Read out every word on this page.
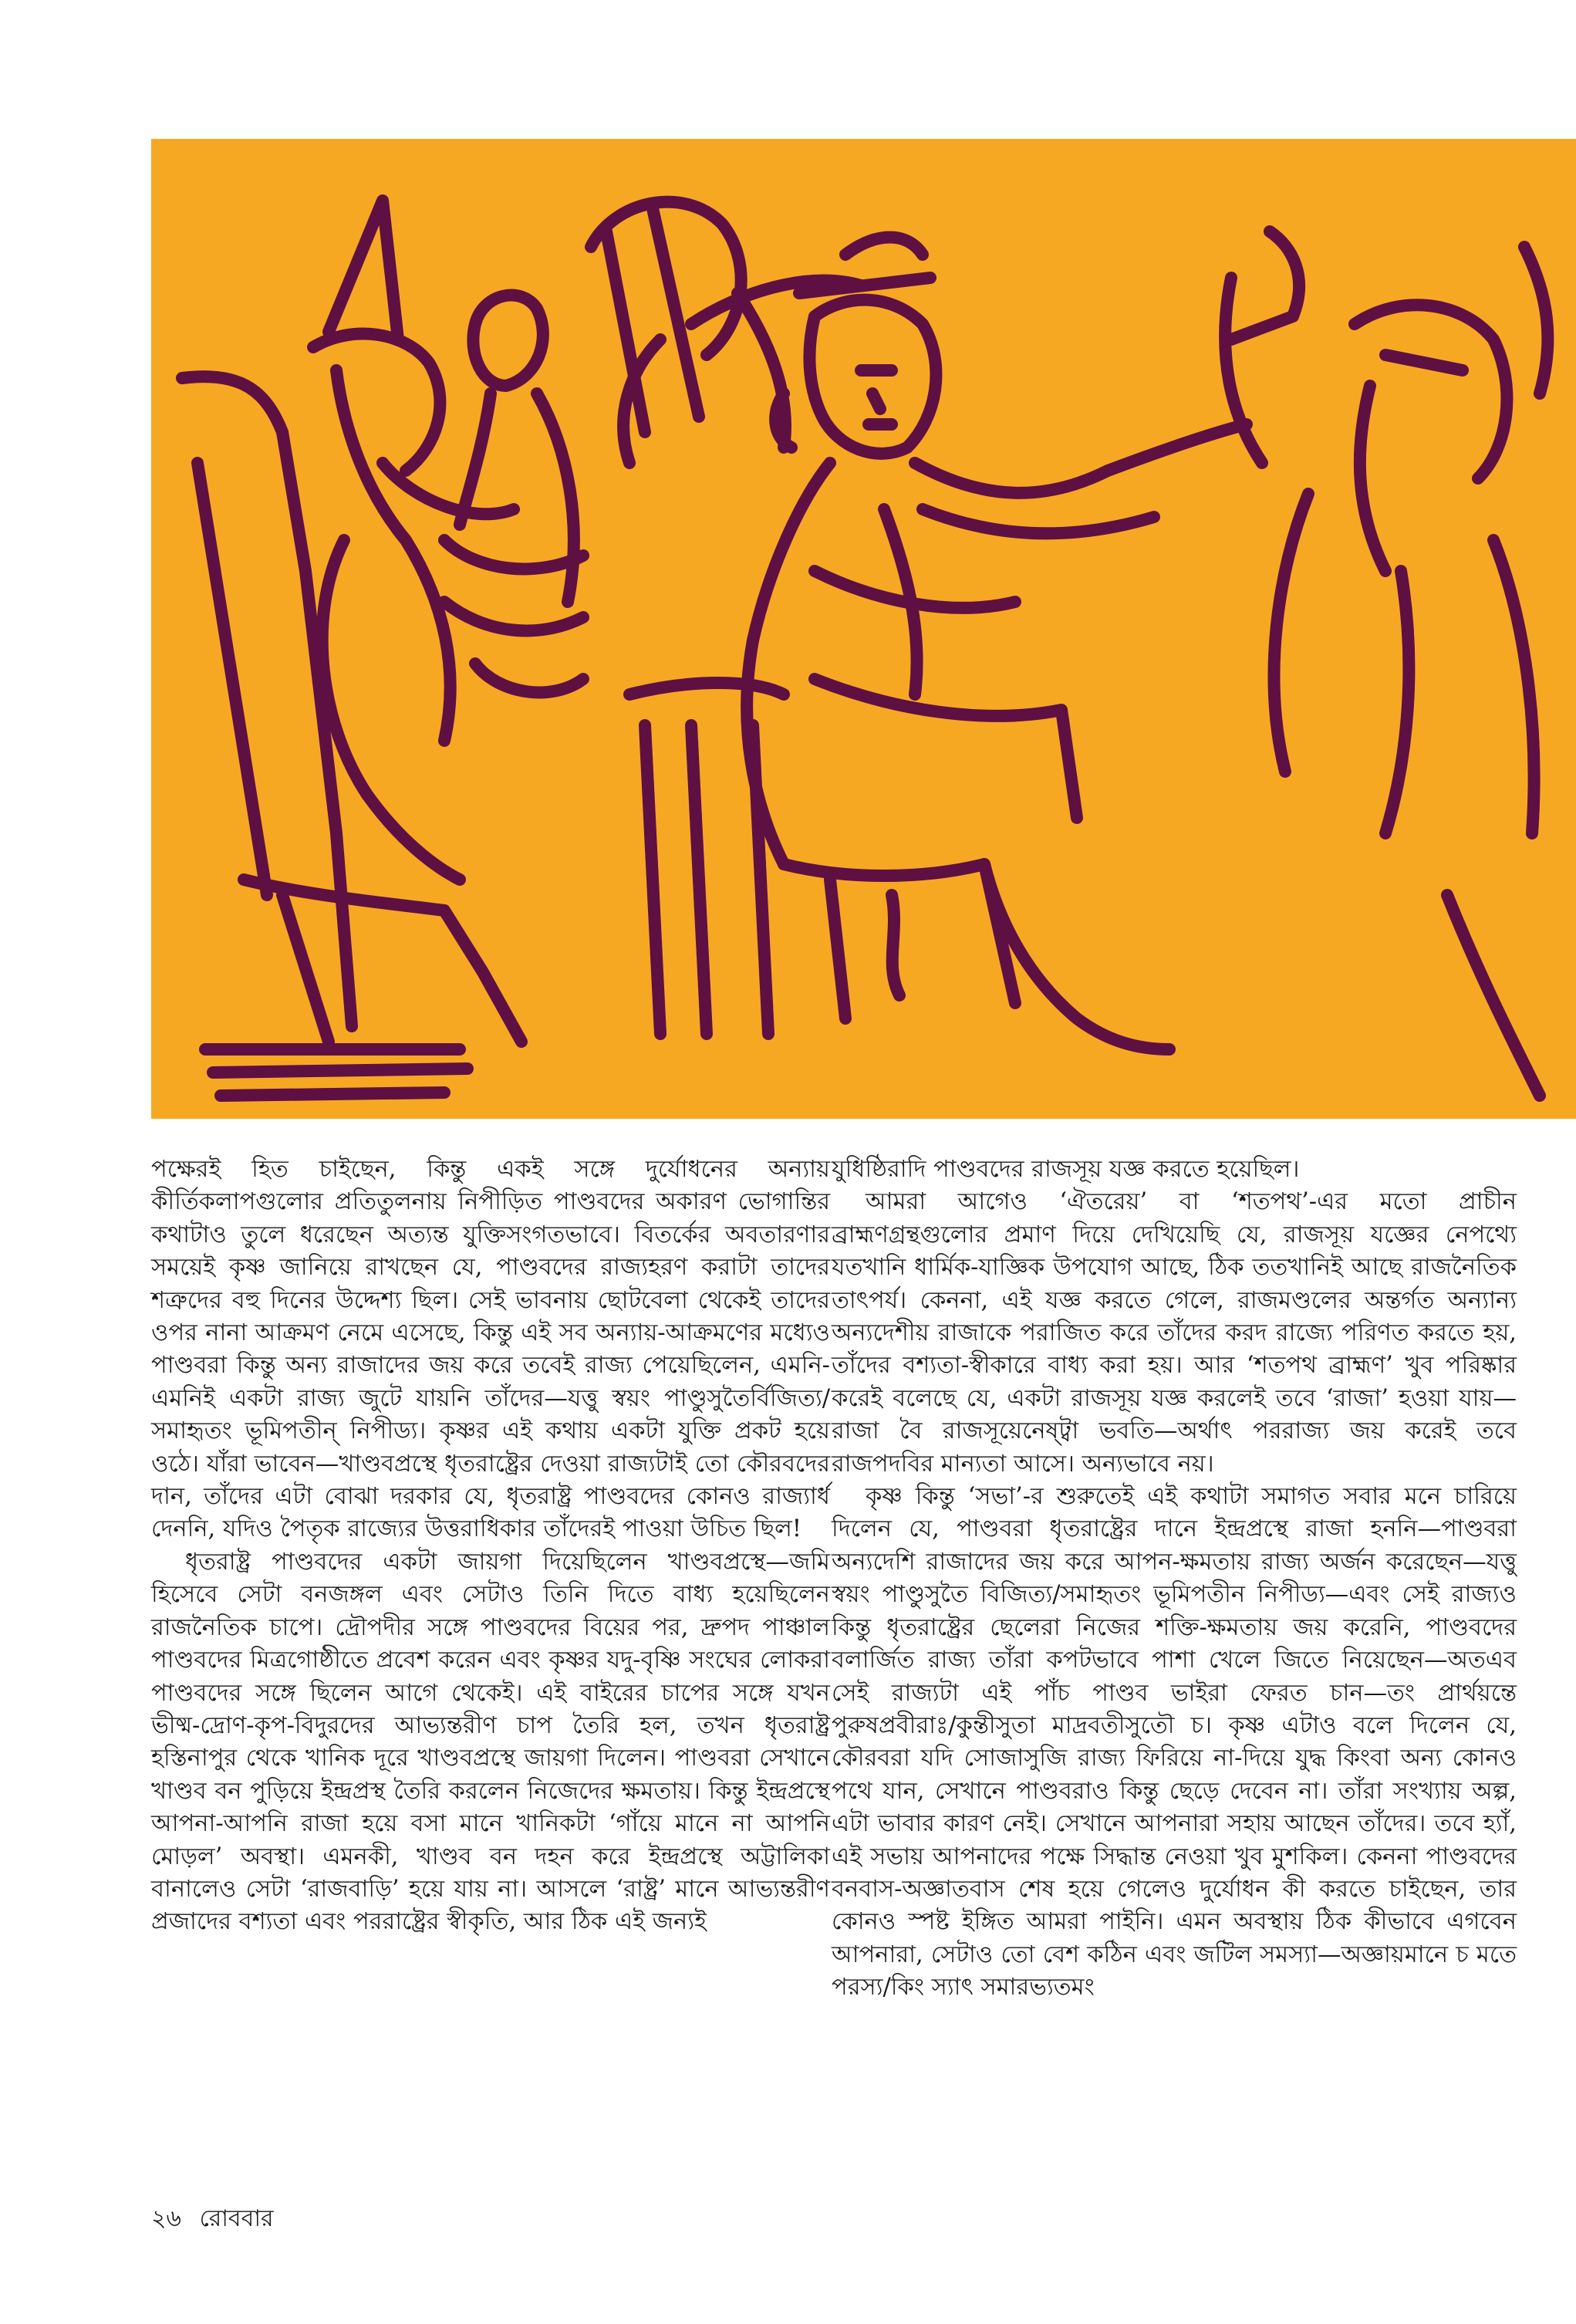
পক্ষেরই হিত চাইছেন, কিন্তু একই সঙ্গে দুর্যোধনের অন্যায় কীর্তিকলাপগুলোর প্রতিতুলনায় নিপীড়িত পাণ্ডবদের অকারণ ভোগান্তির কথাটাও তুলে ধরেছেন অত্যন্ত যুক্তিসংগতভাবে। বিতর্কের অবতারণার সময়েই কৃষ্ণ জানিয়ে রাখছেন যে, পাণ্ডবদের রাজ্যহরণ করাটা তাদের শত্রুদের বহু দিনের উদ্দেশ্য ছিল। সেই ভাবনায় ছোটবেলা থেকেই তাদের ওপর নানা আক্রমণ নেমে এসেছে, কিন্তু এই সব অন্যায়-আক্রমণের মধ্যেও পাণ্ডবরা কিন্তু অন্য রাজাদের জয় করে তবেই রাজ্য পেয়েছিলেন, এমনি-এমনিই একটা রাজ্য জুটে যায়নি তাঁদের—যত্তু স্বয়ং পাণ্ডুসুতৈর্বিজিত্য/সমাহৃতং ভূমিপতীন্‌ নিপীড্য। কৃষ্ণর এই কথায় একটা যুক্তি প্রকট হয়ে ওঠে। যাঁরা ভাবেন—খাণ্ডবপ্রস্থে ধৃতরাষ্ট্রের দেওয়া রাজ্যটাই তো কৌরবদের দান, তাঁদের এটা বোঝা দরকার যে, ধৃতরাষ্ট্র পাণ্ডবদের কোনও রাজ্যার্ধ দেননি, যদিও পৈতৃক রাজ্যের উত্তরাধিকার তাঁদেরই পাওয়া উচিত ছিল!

ধৃতরাষ্ট্র পাণ্ডবদের একটা জায়গা দিয়েছিলেন খাণ্ডবপ্রস্থে—জমি হিসেবে সেটা বনজঙ্গল এবং সেটাও তিনি দিতে বাধ্য হয়েছিলেন রাজনৈতিক চাপে। দ্রৌপদীর সঙ্গে পাণ্ডবদের বিয়ের পর, দ্রুপদ পাঞ্চাল পাণ্ডবদের মিত্রগোষ্ঠীতে প্রবেশ করেন এবং কৃষ্ণর যদু-বৃষ্ণি সংঘের লোকরা পাণ্ডবদের সঙ্গে ছিলেন আগে থেকেই। এই বাইরের চাপের সঙ্গে যখন ভীষ্ম-দ্রোণ-কৃপ-বিদুরদের আভ্যন্তরীণ চাপ তৈরি হল, তখন ধৃতরাষ্ট্র হস্তিনাপুর থেকে খানিক দূরে খাণ্ডবপ্রস্থে জায়গা দিলেন। পাণ্ডবরা সেখানে খাণ্ডব বন পুড়িয়ে ইন্দ্রপ্রস্থ তৈরি করলেন নিজেদের ক্ষমতায়। কিন্তু ইন্দ্রপ্রস্থে আপনা-আপনি রাজা হয়ে বসা মানে খানিকটা ‘গাঁয়ে মানে না আপনি মোড়ল’ অবস্থা। এমনকী, খাণ্ডব বন দহন করে ইন্দ্রপ্রস্থে অট্টালিকা বানালেও সেটা ‘রাজবাড়ি’ হয়ে যায় না। আসলে ‘রাষ্ট্র’ মানে আভ্যন্তরীণ প্রজাদের বশ্যতা এবং পররাষ্ট্রের স্বীকৃতি, আর ঠিক এই জন্যই

যুধিষ্ঠিরাদি পাণ্ডবদের রাজসূয় যজ্ঞ করতে হয়েছিল।

আমরা আগেও ‘ঐতরেয়’ বা ‘শতপথ’-এর মতো প্রাচীন ব্রাহ্মণগ্রন্থগুলোর প্রমাণ দিয়ে দেখিয়েছি যে, রাজসূয় যজ্ঞের নেপথ্যে যতখানি ধার্মিক-যাজ্ঞিক উপযোগ আছে, ঠিক ততখানিই আছে রাজনৈতিক তাৎপর্য। কেননা, এই যজ্ঞ করতে গেলে, রাজমণ্ডলের অন্তর্গত অন্যান্য অন্যদেশীয় রাজাকে পরাজিত করে তাঁদের করদ রাজ্যে পরিণত করতে হয়, তাঁদের বশ্যতা-স্বীকারে বাধ্য করা হয়। আর ‘শতপথ ব্রাহ্মণ’ খুব পরিষ্কার করেই বলেছে যে, একটা রাজসূয় যজ্ঞ করলেই তবে ‘রাজা’ হওয়া যায়—রাজা বৈ রাজসূয়েনেষ্ট্বা ভবতি—অর্থাৎ পররাজ্য জয় করেই তবে রাজপদবির মান্যতা আসে। অন্যভাবে নয়।

কৃষ্ণ কিন্তু ‘সভা’-র শুরুতেই এই কথাটা সমাগত সবার মনে চারিয়ে দিলেন যে, পাণ্ডবরা ধৃতরাষ্ট্রের দানে ইন্দ্রপ্রস্থে রাজা হননি—পাণ্ডবরা অন্যদেশি রাজাদের জয় করে আপন-ক্ষমতায় রাজ্য অর্জন করেছেন—যত্তু স্বয়ং পাণ্ডুসুতৈ বিজিত্য/সমাহৃতং ভূমিপতীন নিপীড্য—এবং সেই রাজ্যও কিন্তু ধৃতরাষ্ট্রের ছেলেরা নিজের শক্তি-ক্ষমতায় জয় করেনি, পাণ্ডবদের বলার্জিত রাজ্য তাঁরা কপটভাবে পাশা খেলে জিতে নিয়েছেন—অতএব সেই রাজ্যটা এই পাঁচ পাণ্ডব ভাইরা ফেরত চান—তং প্রার্থয়ন্তে পুরুষপ্রবীরাঃ/কুন্তীসুতা মাদ্রবতীসুতৌ চ। কৃষ্ণ এটাও বলে দিলেন যে, কৌরবরা যদি সোজাসুজি রাজ্য ফিরিয়ে না-দিয়ে যুদ্ধ কিংবা অন্য কোনও পথে যান, সেখানে পাণ্ডবরাও কিন্তু ছেড়ে দেবেন না। তাঁরা সংখ্যায় অল্প, এটা ভাবার কারণ নেই। সেখানে আপনারা সহায় আছেন তাঁদের। তবে হ্যাঁ, এই সভায় আপনাদের পক্ষে সিদ্ধান্ত নেওয়া খুব মুশকিল। কেননা পাণ্ডবদের বনবাস-অজ্ঞাতবাস শেষ হয়ে গেলেও দুর্যোধন কী করতে চাইছেন, তার কোনও স্পষ্ট ইঙ্গিত আমরা পাইনি। এমন অবস্থায় ঠিক কীভাবে এগবেন আপনারা, সেটাও তো বেশ কঠিন এবং জটিল সমস্যা—অজ্ঞায়মানে চ মতে পরস্য/কিং স্যাৎ সমারভ্যতমং

২৬ রোববার
